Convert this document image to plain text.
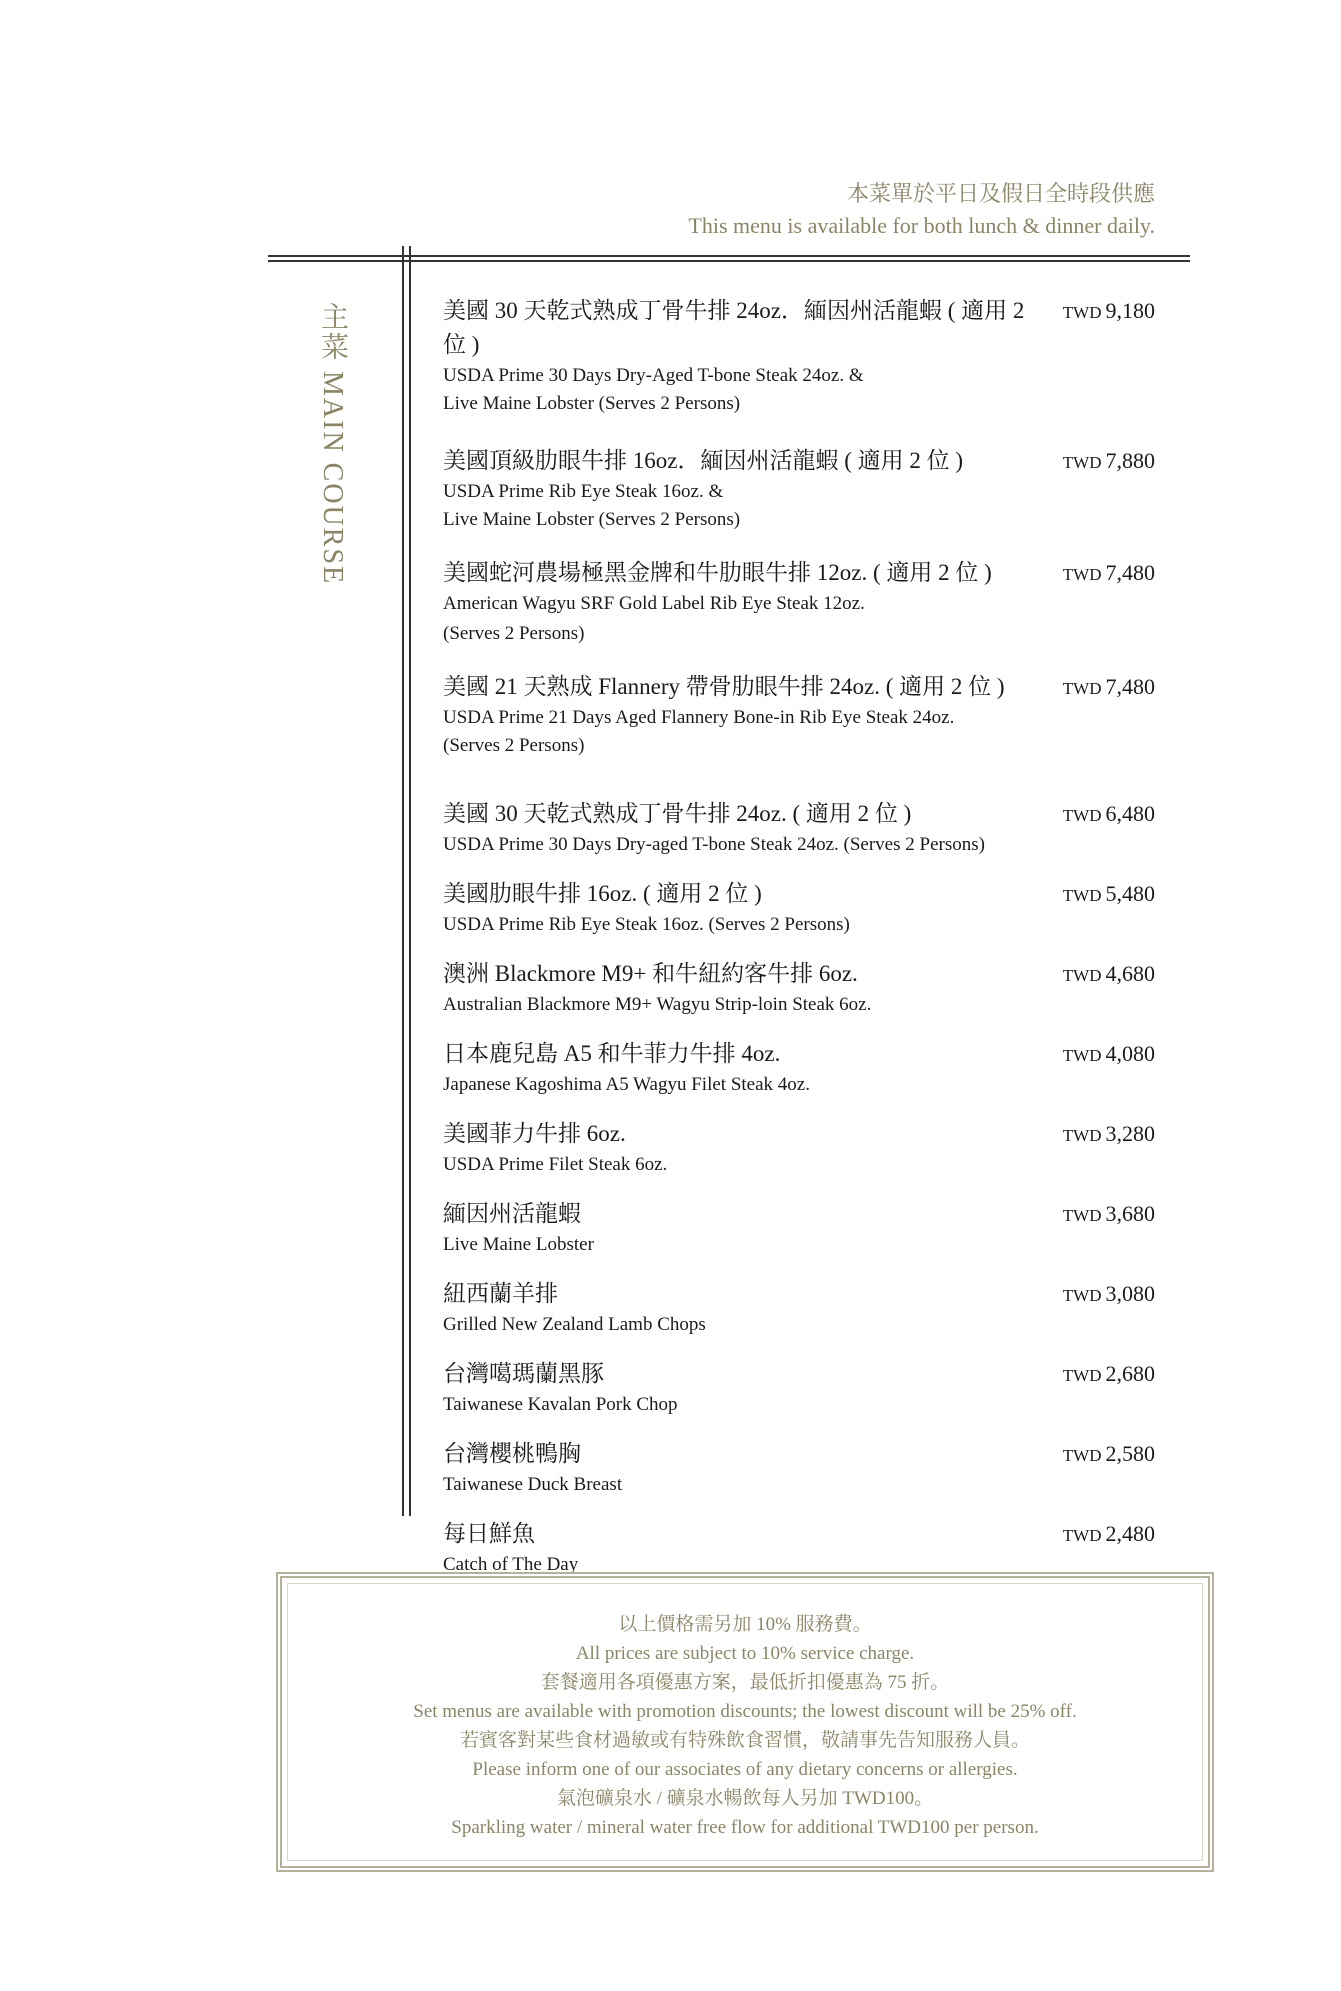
本菜單於平日及假日全時段供應
This menu is available for both lunch & dinner daily.
主菜 MAIN COURSE	美國 30 天乾式熟成丁骨牛排 24oz．緬因州活龍蝦 ( 適用 2 位 )
USDA Prime 30 Days Dry-Aged T-bone Steak 24oz. &
Live Maine Lobster (Serves 2 Persons)
TWD 9,180
美國頂級肋眼牛排 16oz．緬因州活龍蝦 ( 適用 2 位 )
USDA Prime Rib Eye Steak 16oz. &
Live Maine Lobster (Serves 2 Persons)
TWD 7,880
美國蛇河農場極黑金牌和牛肋眼牛排 12oz. ( 適用 2 位 )
American Wagyu SRF Gold Label Rib Eye Steak 12oz.
(Serves 2 Persons)
TWD 7,480
美國 21 天熟成 Flannery 帶骨肋眼牛排 24oz. ( 適用 2 位 )
USDA Prime 21 Days Aged Flannery Bone-in Rib Eye Steak 24oz.
(Serves 2 Persons)
TWD 7,480
美國 30 天乾式熟成丁骨牛排 24oz. ( 適用 2 位 )
USDA Prime 30 Days Dry-aged T-bone Steak 24oz. (Serves 2 Persons)
TWD 6,480
美國肋眼牛排 16oz. ( 適用 2 位 )
USDA Prime Rib Eye Steak 16oz. (Serves 2 Persons)
TWD 5,480
澳洲 Blackmore M9+ 和牛紐約客牛排 6oz.
Australian Blackmore M9+ Wagyu Strip-loin Steak 6oz.
TWD 4,680
日本鹿兒島 A5 和牛菲力牛排 4oz.
Japanese Kagoshima A5 Wagyu Filet Steak 4oz.
TWD 4,080
美國菲力牛排 6oz.
USDA Prime Filet Steak 6oz.
TWD 3,280
緬因州活龍蝦
Live Maine Lobster
TWD 3,680
紐西蘭羊排
Grilled New Zealand Lamb Chops
TWD 3,080
台灣噶瑪蘭黑豚
Taiwanese Kavalan Pork Chop
TWD 2,680
台灣櫻桃鴨胸
Taiwanese Duck Breast
TWD 2,580
每日鮮魚
Catch of The Day
TWD 2,480
以上價格需另加 10% 服務費。
All prices are subject to 10% service charge.
套餐適用各項優惠方案，最低折扣優惠為 75 折。
Set menus are available with promotion discounts; the lowest discount will be 25% off.
若賓客對某些食材過敏或有特殊飲食習慣，敬請事先告知服務人員。
Please inform one of our associates of any dietary concerns or allergies.
氣泡礦泉水 / 礦泉水暢飲每人另加 TWD100。
Sparkling water / mineral water free flow for additional TWD100 per person.
